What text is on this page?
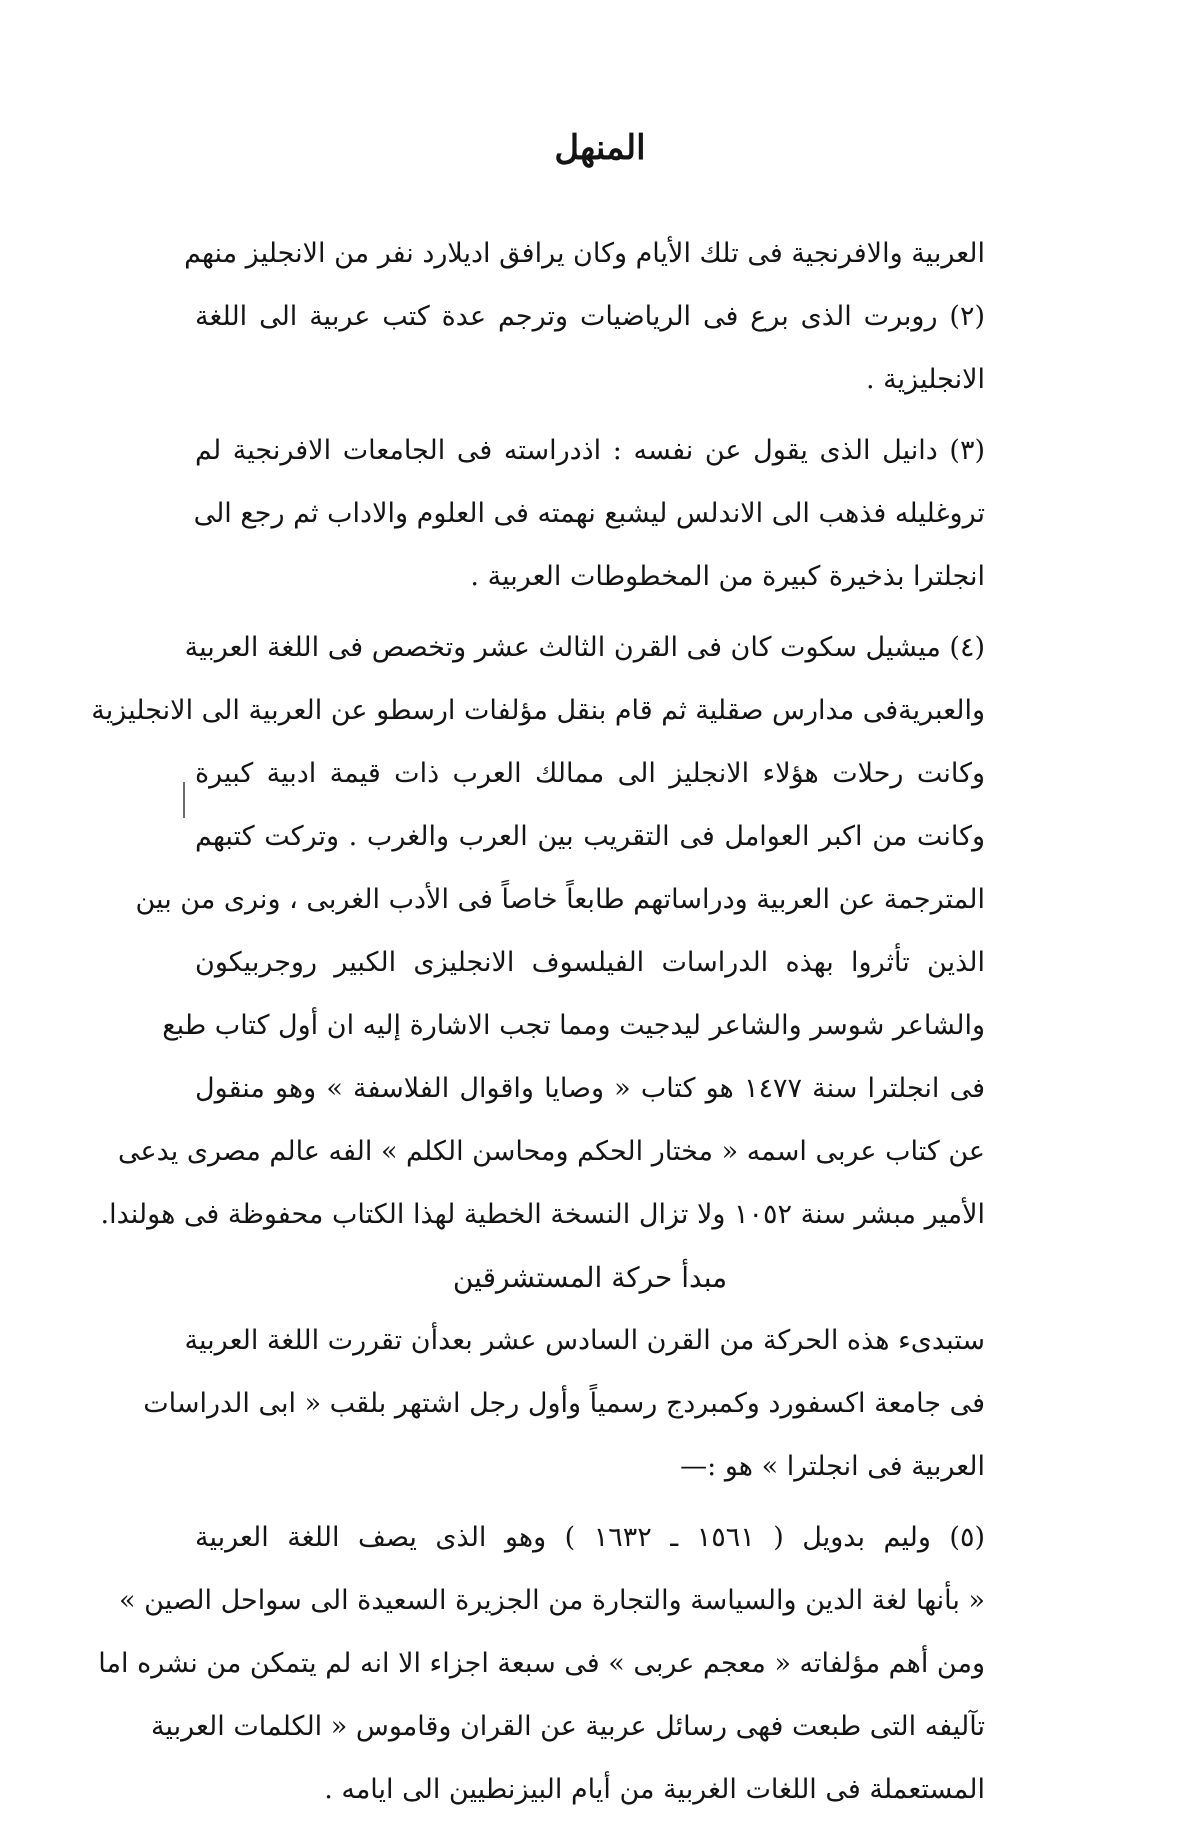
المنهل
العربية والافرنجية فى تلك الأيام وكان يرافق اديلارد نفر من الانجليز منهم
(٢) روبرت الذى برع فى الرياضيات وترجم عدة كتب عربية الى اللغة
الانجليزية .
(٣) دانيل الذى يقول عن نفسه : اذدراسته فى الجامعات الافرنجية لم
تروغليله فذهب الى الاندلس ليشبع نهمته فى العلوم والاداب ثم رجع الى
انجلترا بذخيرة كبيرة من المخطوطات العربية .
(٤) ميشيل سكوت كان فى القرن الثالث عشر وتخصص فى اللغة العربية
والعبريةفى مدارس صقلية ثم قام بنقل مؤلفات ارسطو عن العربية الى الانجليزية
وكانت رحلات هؤلاء الانجليز الى ممالك العرب ذات قيمة ادبية كبيرة
وكانت من اكبر العوامل فى التقريب بين العرب والغرب . وتركت كتبهم
المترجمة عن العربية ودراساتهم طابعاً خاصاً فى الأدب الغربى ، ونرى من بين
الذين تأثروا بهذه الدراسات الفيلسوف الانجليزى الكبير روجربيكون
والشاعر شوسر والشاعر ليدجيت ومما تجب الاشارة إليه ان أول كتاب طبع
فى انجلترا سنة ١٤٧٧ هو كتاب « وصايا واقوال الفلاسفة » وهو منقول
عن كتاب عربى اسمه « مختار الحكم ومحاسن الكلم » الفه عالم مصرى يدعى
الأمير مبشر سنة ١٠٥٢ ولا تزال النسخة الخطية لهذا الكتاب محفوظة فى هولندا.
مبدأ حركة المستشرقين
ستبدىء هذه الحركة من القرن السادس عشر بعدأن تقررت اللغة العربية
فى جامعة اكسفورد وكمبردج رسمياً وأول رجل اشتهر بلقب « ابى الدراسات
العربية فى انجلترا » هو :—
(٥) وليم بدويل ( ١٥٦١ ـ ١٦٣٢ ) وهو الذى يصف اللغة العربية
« بأنها لغة الدين والسياسة والتجارة من الجزيرة السعيدة الى سواحل الصين »
ومن أهم مؤلفاته « معجم عربى » فى سبعة اجزاء الا انه لم يتمكن من نشره اما
تآليفه التى طبعت فهى رسائل عربية عن القران وقاموس « الكلمات العربية
المستعملة فى اللغات الغربية من أيام البيزنطيين الى ايامه .
